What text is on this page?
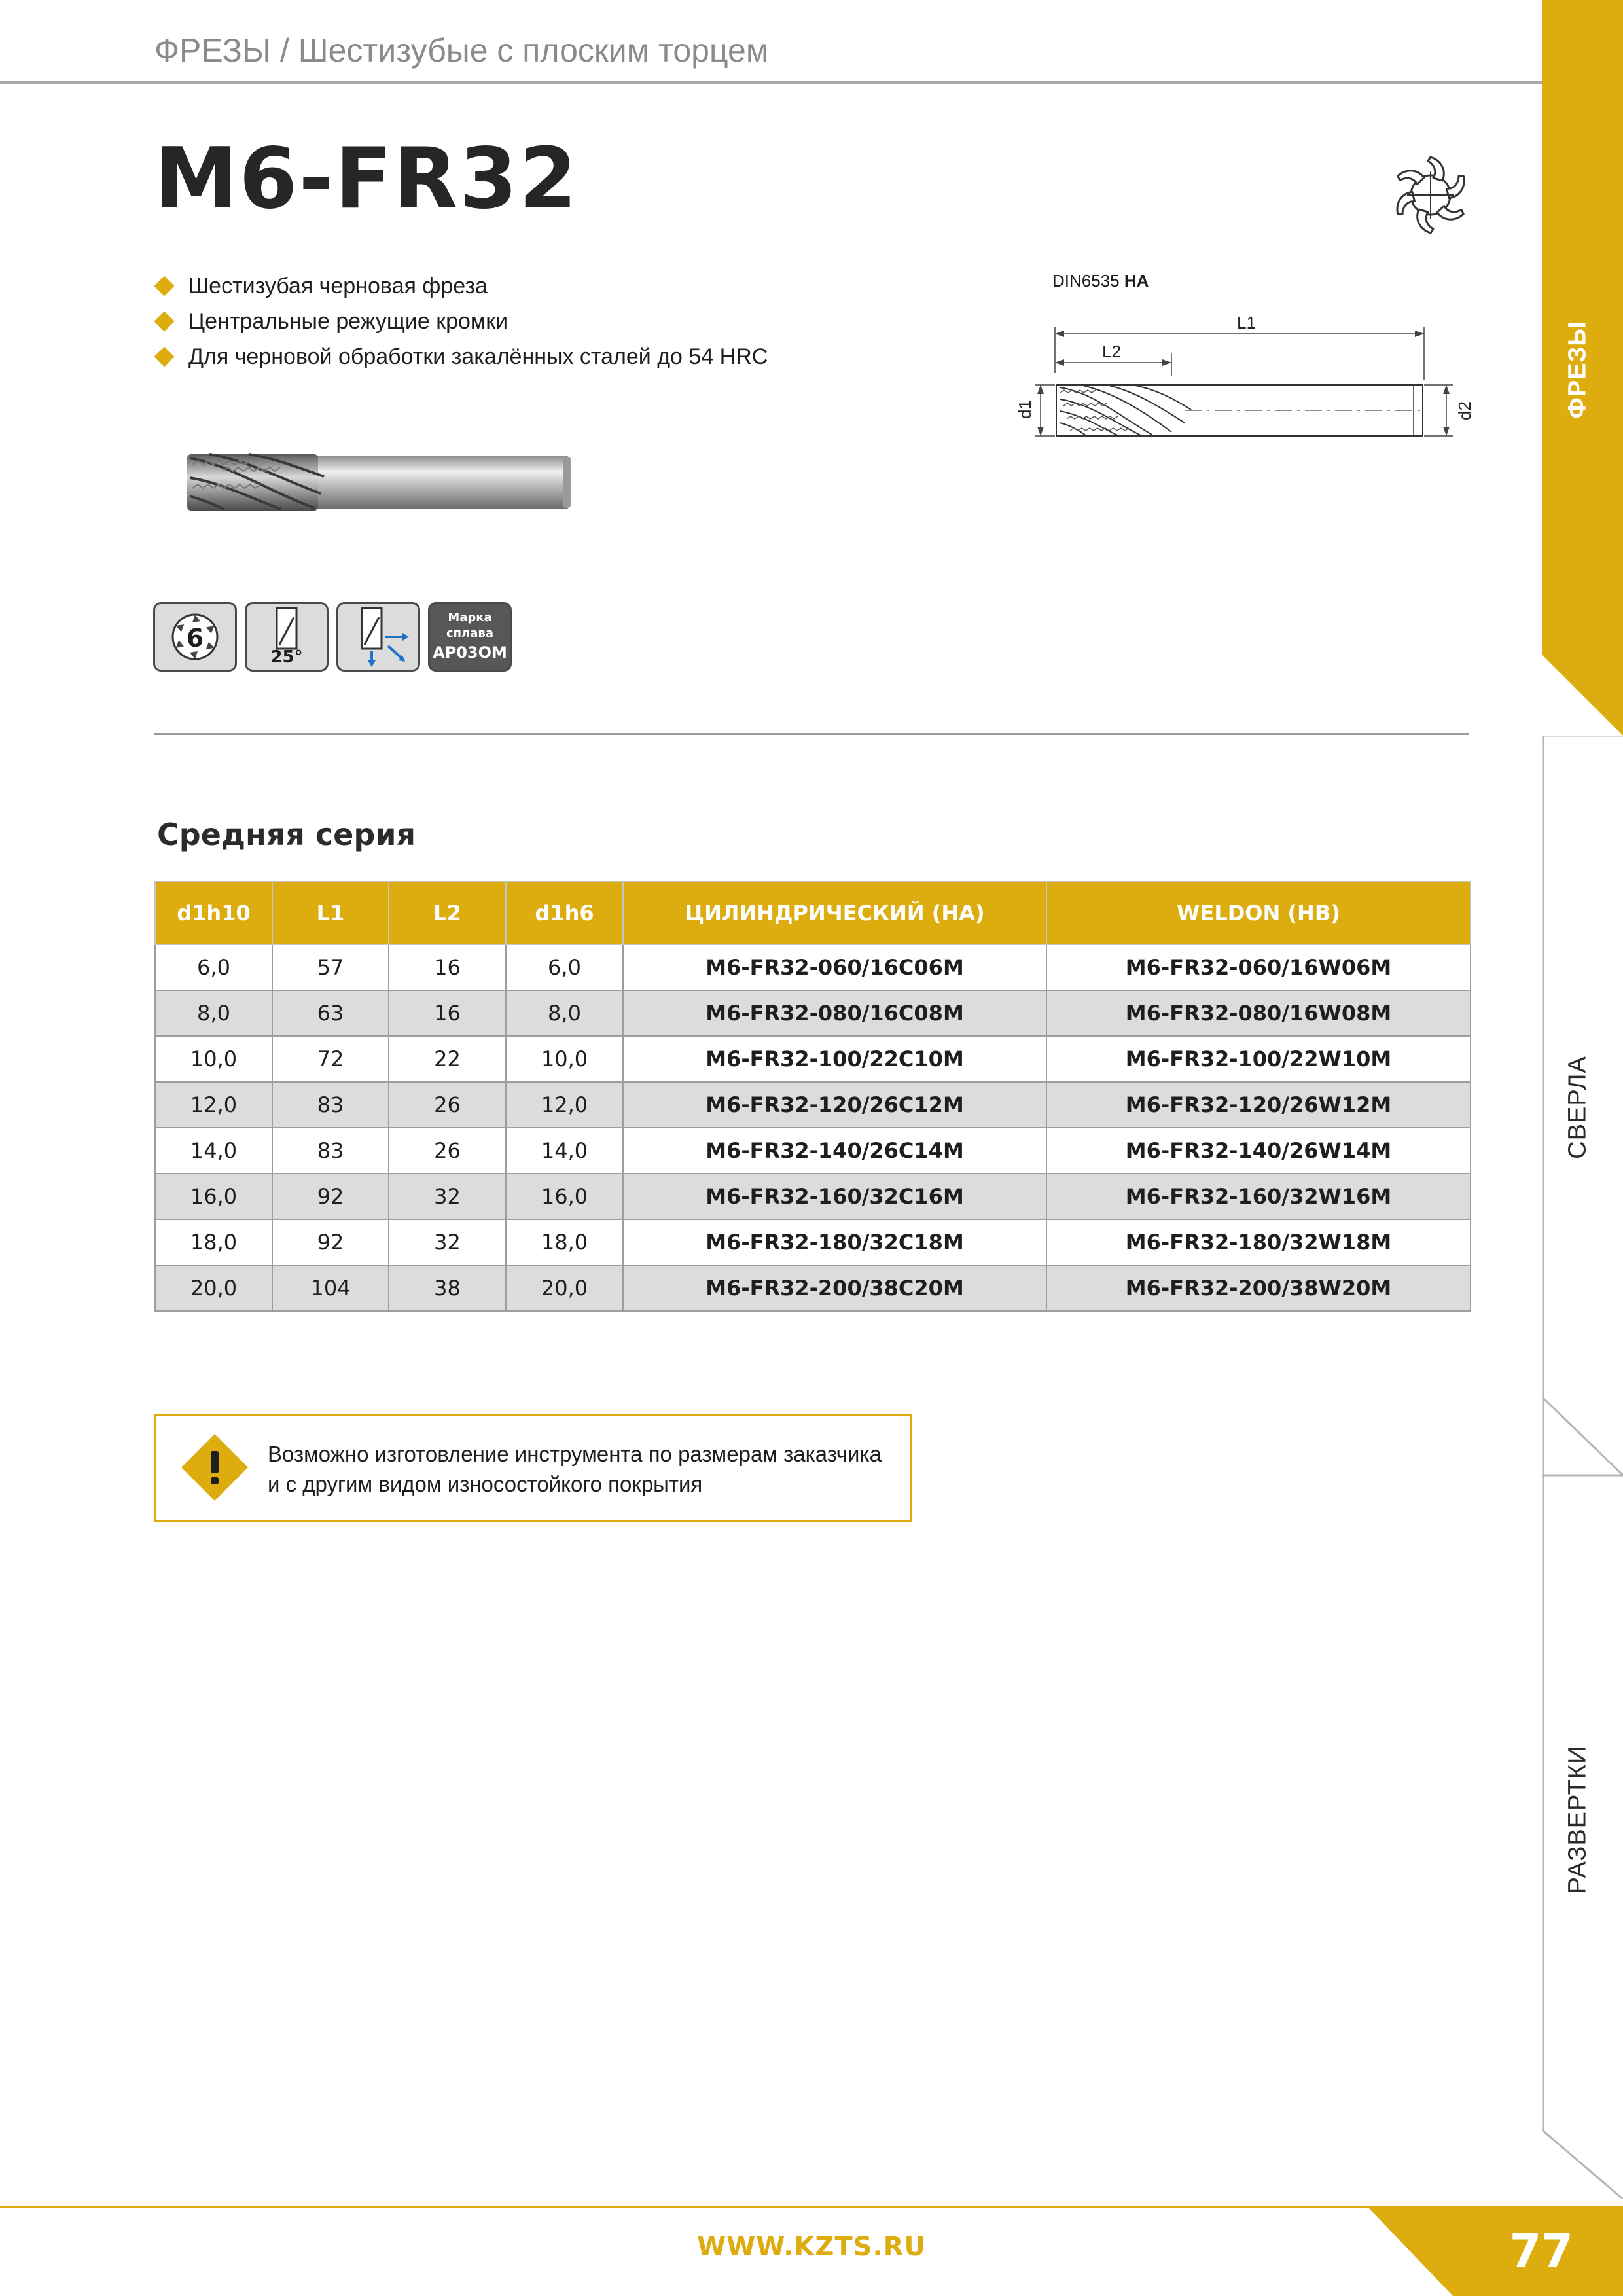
ФРЕЗЫ / Шестизубые с плоским торцем
ФРЕЗЫ
СВЕРЛА
РАЗВЕРТКИ
M6-FR32
Шестизубая черновая фреза
Центральные режущие кромки
Для черновой обработки закалённых сталей до 54 HRC
DIN6535 HA
L1
L2
d1	d2
6
25°
Марка
сплава
AP03OM
Средняя серия
d1h10	L1	L2	d1h6	ЦИЛИНДРИЧЕСКИЙ (HA)	WELDON (HB)
6,0	57	16	6,0	M6-FR32-060/16C06M	M6-FR32-060/16W06M
8,0	63	16	8,0	M6-FR32-080/16C08M	M6-FR32-080/16W08M
10,0	72	22	10,0	M6-FR32-100/22C10M	M6-FR32-100/22W10M
12,0	83	26	12,0	M6-FR32-120/26C12M	M6-FR32-120/26W12M
14,0	83	26	14,0	M6-FR32-140/26C14M	M6-FR32-140/26W14M
16,0	92	32	16,0	M6-FR32-160/32C16M	M6-FR32-160/32W16M
18,0	92	32	18,0	M6-FR32-180/32C18M	M6-FR32-180/32W18M
20,0	104	38	20,0	M6-FR32-200/38C20M	M6-FR32-200/38W20M
Возможно изготовление инструмента по размерам заказчика
и с другим видом износостойкого покрытия
WWW.KZTS.RU	77
